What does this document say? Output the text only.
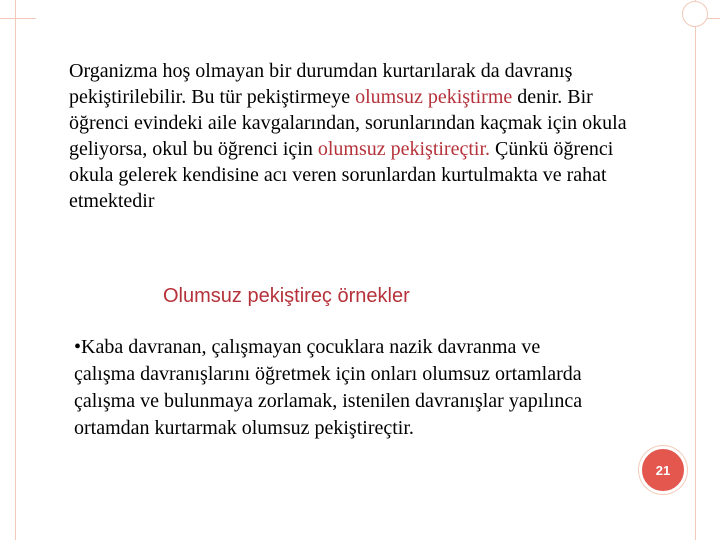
Organizma hoş olmayan bir durumdan kurtarılarak da davranış pekiştirilebilir. Bu tür pekiştirmeye olumsuz pekiştirme denir. Bir öğrenci evindeki aile kavgalarından, sorunlarından kaçmak için okula geliyorsa, okul bu öğrenci için olumsuz pekiştireçtir. Çünkü öğrenci okula gelerek kendisine acı veren sorunlardan kurtulmakta ve rahat etmektedir
Olumsuz pekiştireç örnekler
•Kaba davranan, çalışmayan çocuklara nazik davranma ve çalışma davranışlarını öğretmek için onları olumsuz ortamlarda çalışma ve bulunmaya zorlamak, istenilen davranışlar yapılınca ortamdan kurtarmak olumsuz pekiştireçtir.
21
